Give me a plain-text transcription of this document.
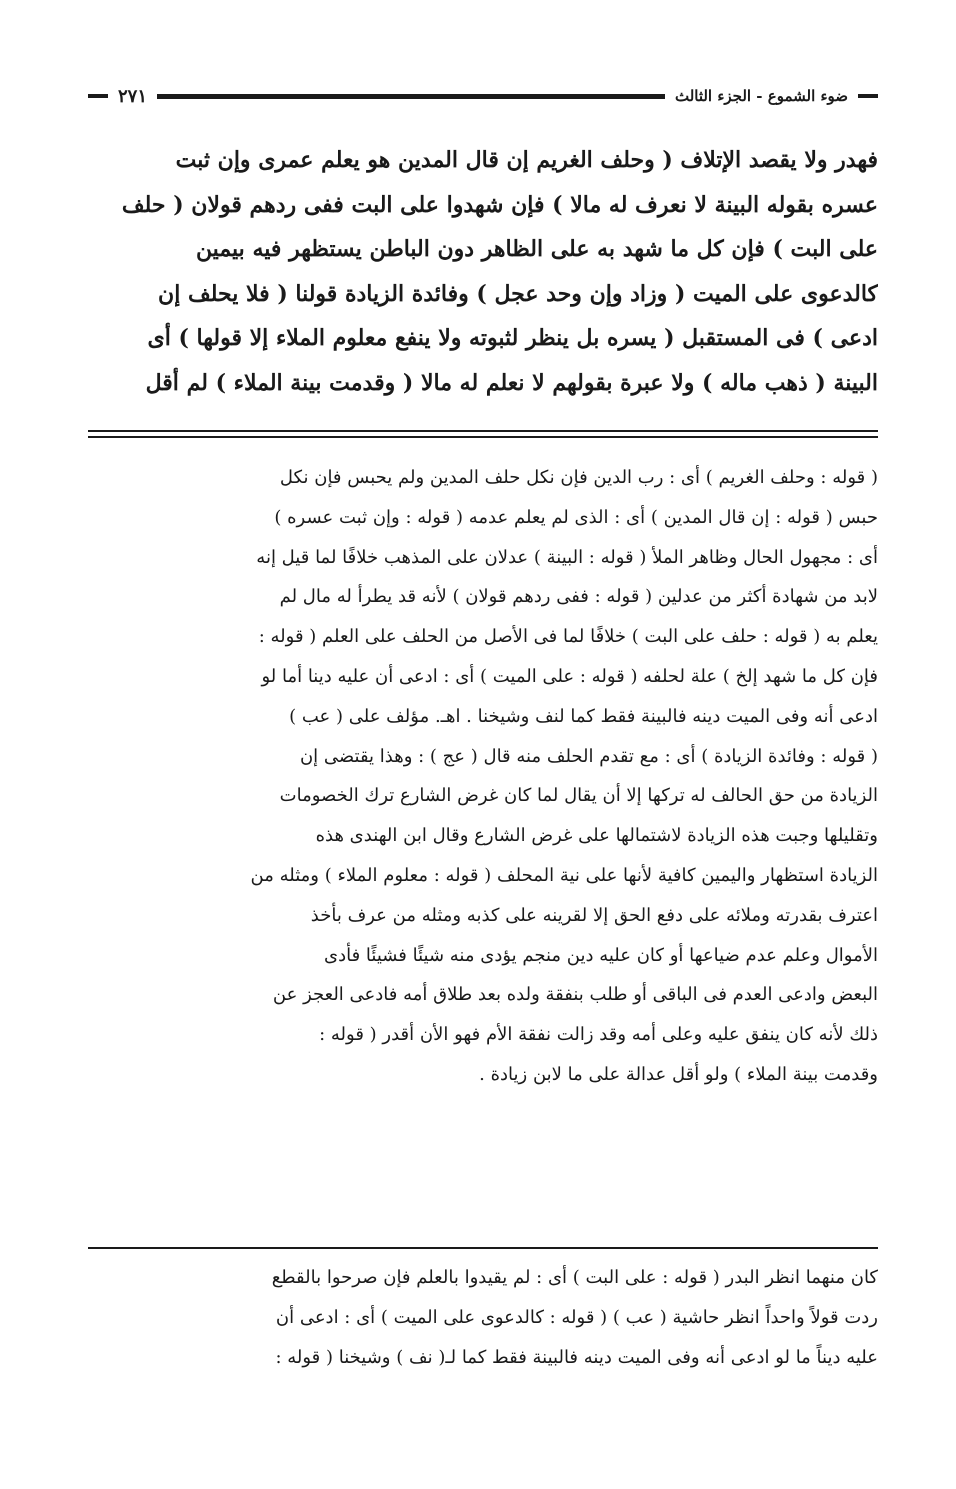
ضوء الشموع - الجزء الثالث
٢٧١
فهدر ولا يقصد الإتلاف ( وحلف الغريم إن قال المدين هو يعلم عمرى وإن ثبت
عسره بقوله البينة لا نعرف له مالا ) فإن شهدوا على البت ففى ردهم قولان ( حلف
على البت ) فإن كل ما شهد به على الظاهر دون الباطن يستظهر فيه بيمين
كالدعوى على الميت ( وزاد وإن وحد عجل ) وفائدة الزيادة قولنا ( فلا يحلف إن
ادعى ) فى المستقبل ( يسره بل ينظر لثبوته ولا ينفع معلوم الملاء إلا قولها ) أى
البينة ( ذهب ماله ) ولا عبرة بقولهم لا نعلم له مالا ( وقدمت بينة الملاء ) لم أقل
( قوله : وحلف الغريم ) أى : رب الدين فإن نكل حلف المدين ولم يحبس فإن نكل
حبس ( قوله : إن قال المدين ) أى : الذى لم يعلم عدمه ( قوله : وإن ثبت عسره )
أى : مجهول الحال وظاهر الملأ ( قوله : البينة ) عدلان على المذهب خلافًا لما قيل إنه
لابد من شهادة أكثر من عدلين ( قوله : ففى ردهم قولان ) لأنه قد يطرأ له مال لم
يعلم به ( قوله : حلف على البت ) خلافًا لما فى الأصل من الحلف على العلم ( قوله :
فإن كل ما شهد إلخ ) علة لحلفه ( قوله : على الميت ) أى : ادعى أن عليه دينا أما لو
ادعى أنه وفى الميت دينه فالبينة فقط كما لنف وشيخنا . اهـ. مؤلف على ( عب )
( قوله : وفائدة الزيادة ) أى : مع تقدم الحلف منه قال ( عج ) : وهذا يقتضى إن
الزيادة من حق الحالف له تركها إلا أن يقال لما كان غرض الشارع ترك الخصومات
وتقليلها وجبت هذه الزيادة لاشتمالها على غرض الشارع وقال ابن الهندى هذه
الزيادة استظهار واليمين كافية لأنها على نية المحلف ( قوله : معلوم الملاء ) ومثله من
اعترف بقدرته وملائه على دفع الحق إلا لقرينه على كذبه ومثله من عرف بأخذ
الأموال وعلم عدم ضياعها أو كان عليه دين منجم يؤدى منه شيئًا فشيئًا فأدى
البعض وادعى العدم فى الباقى أو طلب بنفقة ولده بعد طلاق أمه فادعى العجز عن
ذلك لأنه كان ينفق عليه وعلى أمه وقد زالت نفقة الأم فهو الأن أقدر ( قوله :
وقدمت بينة الملاء ) ولو أقل عدالة على ما لابن زيادة .
كان منهما انظر البدر ( قوله : على البت ) أى : لم يقيدوا بالعلم فإن صرحوا بالقطع
ردت قولاً واحداً انظر حاشية ( عب ) ( قوله : كالدعوى على الميت ) أى : ادعى أن
عليه ديناً ما لو ادعى أنه وفى الميت دينه فالبينة فقط كما لـ( نف ) وشيخنا ( قوله :
